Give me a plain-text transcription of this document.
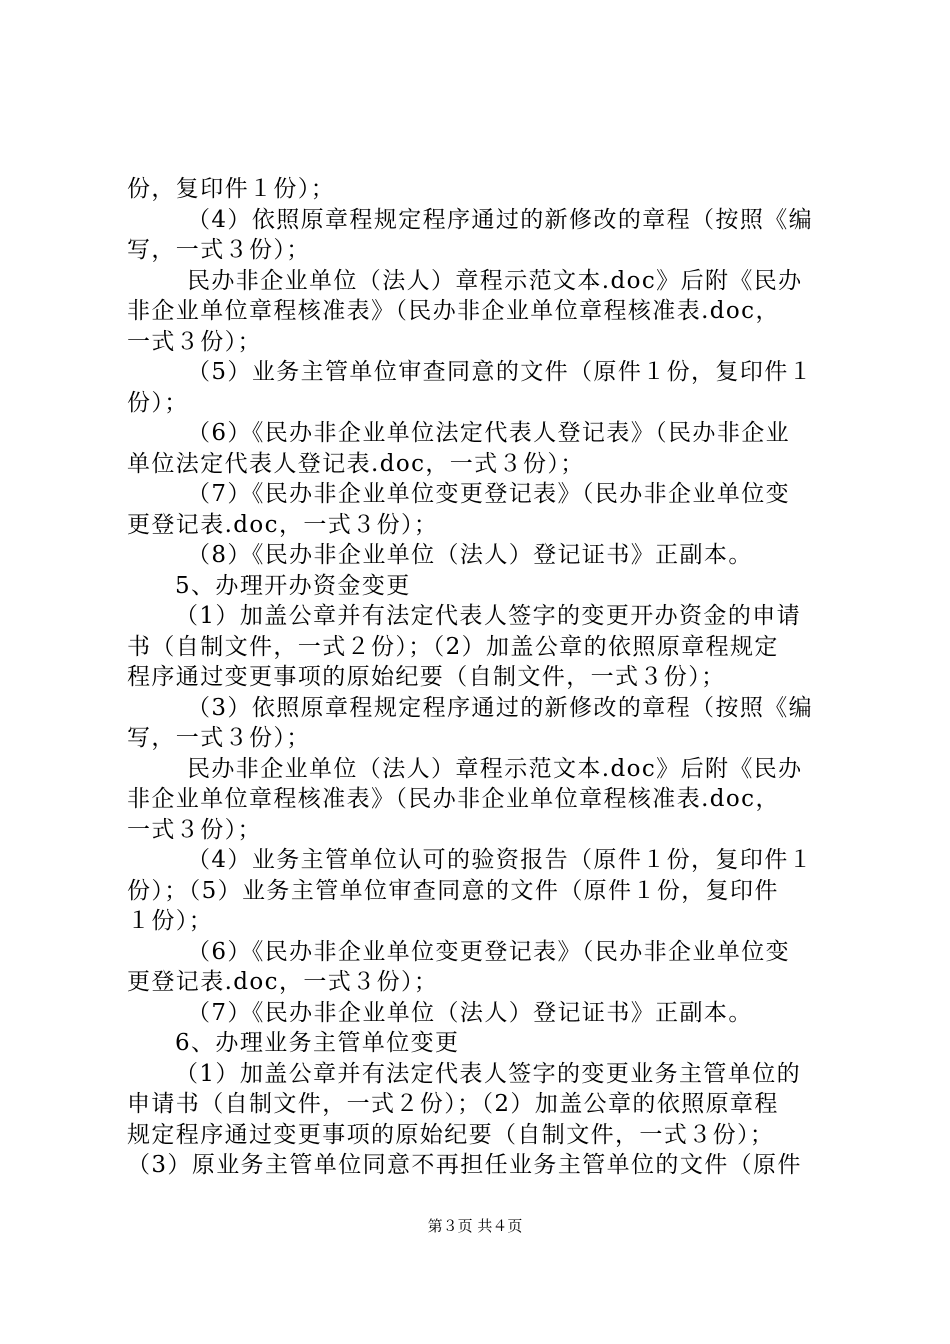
份，复印件１份）；
（4）依照原章程规定程序通过的新修改的章程（按照《编
写，一式３份）；
民办非企业单位（法人）章程示范文本.doc》后附《民办
非企业单位章程核准表》（民办非企业单位章程核准表.doc，
一式３份）；
（5）业务主管单位审查同意的文件（原件１份，复印件１
份）；
（6）《民办非企业单位法定代表人登记表》（民办非企业
单位法定代表人登记表.doc，一式３份）；
（7）《民办非企业单位变更登记表》（民办非企业单位变
更登记表.doc，一式３份）；
（8）《民办非企业单位（法人）登记证书》正副本。
5、办理开办资金变更
（1）加盖公章并有法定代表人签字的变更开办资金的申请
书（自制文件，一式２份）；（2）加盖公章的依照原章程规定
程序通过变更事项的原始纪要（自制文件，一式３份）；
（3）依照原章程规定程序通过的新修改的章程（按照《编
写，一式３份）；
民办非企业单位（法人）章程示范文本.doc》后附《民办
非企业单位章程核准表》（民办非企业单位章程核准表.doc，
一式３份）；
（4）业务主管单位认可的验资报告（原件１份，复印件１
份）；（5）业务主管单位审查同意的文件（原件１份，复印件
１份）；
（6）《民办非企业单位变更登记表》（民办非企业单位变
更登记表.doc，一式３份）；
（7）《民办非企业单位（法人）登记证书》正副本。
6、办理业务主管单位变更
（1）加盖公章并有法定代表人签字的变更业务主管单位的
申请书（自制文件，一式２份）；（2）加盖公章的依照原章程
规定程序通过变更事项的原始纪要（自制文件，一式３份）；
（3）原业务主管单位同意不再担任业务主管单位的文件（原件
第３页 共４页
